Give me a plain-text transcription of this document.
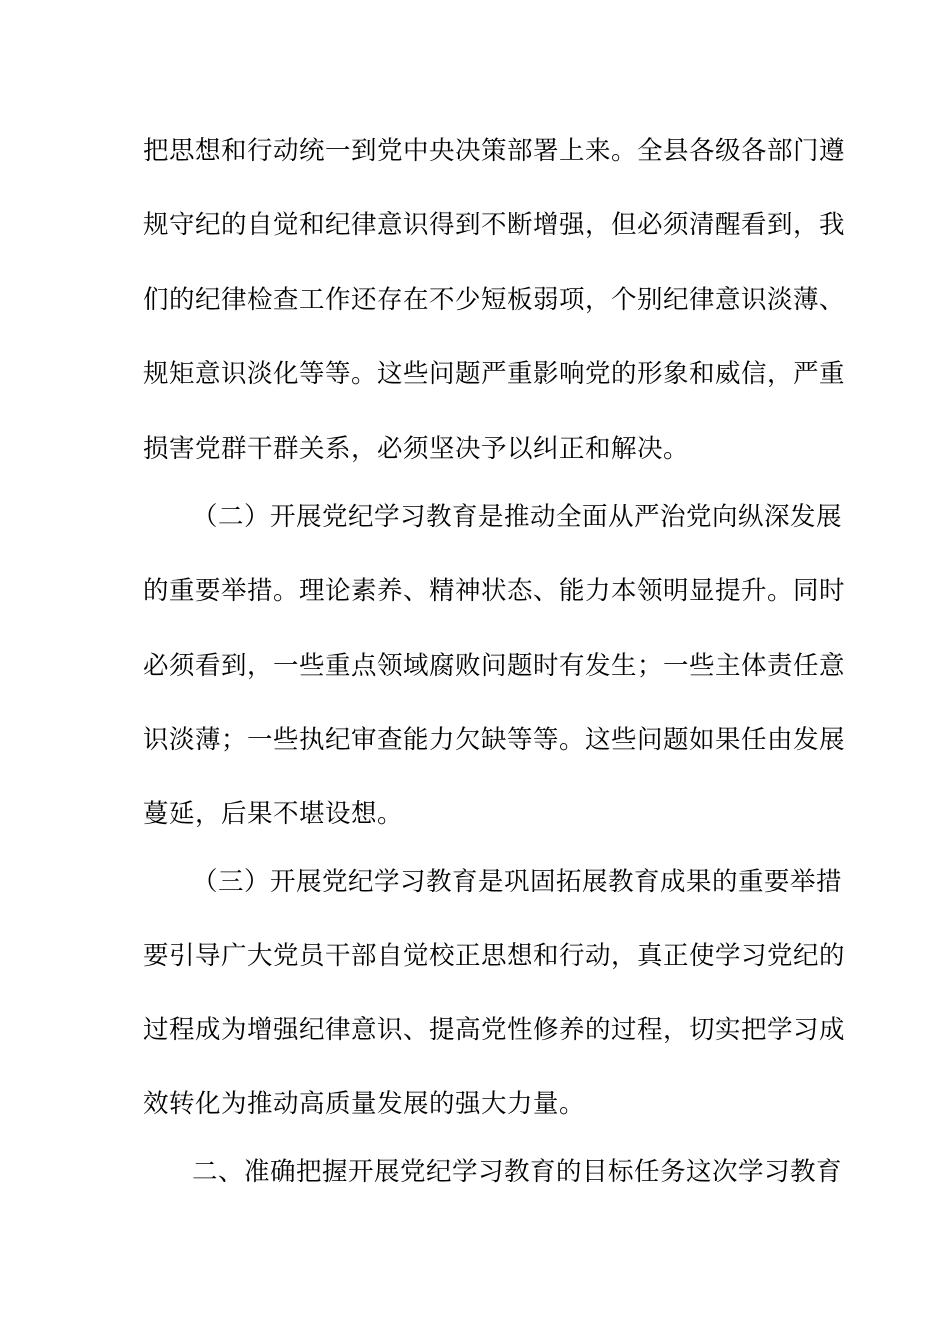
把思想和行动统一到党中央决策部署上来。全县各级各部门遵
规守纪的自觉和纪律意识得到不断增强，但必须清醒看到，我
们的纪律检查工作还存在不少短板弱项，个别纪律意识淡薄、
规矩意识淡化等等。这些问题严重影响党的形象和威信，严重
损害党群干群关系，必须坚决予以纠正和解决。
（二）开展党纪学习教育是推动全面从严治党向纵深发展
的重要举措。理论素养、精神状态、能力本领明显提升。同时
必须看到，一些重点领域腐败问题时有发生；一些主体责任意
识淡薄；一些执纪审查能力欠缺等等。这些问题如果任由发展
蔓延，后果不堪设想。
（三）开展党纪学习教育是巩固拓展教育成果的重要举措
要引导广大党员干部自觉校正思想和行动，真正使学习党纪的
过程成为增强纪律意识、提高党性修养的过程，切实把学习成
效转化为推动高质量发展的强大力量。
二、准确把握开展党纪学习教育的目标任务这次学习教育
